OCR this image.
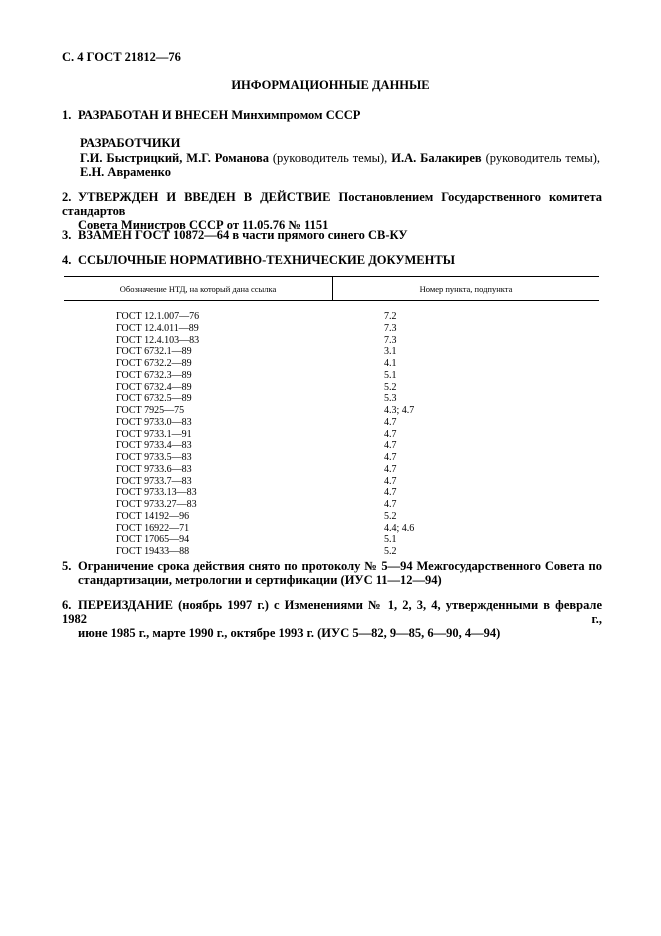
С. 4 ГОСТ 21812—76
ИНФОРМАЦИОННЫЕ ДАННЫЕ
1. РАЗРАБОТАН И ВНЕСЕН Минхимпромом СССР
РАЗРАБОТЧИКИ
Г.И. Быстрицкий, М.Г. Романова (руководитель темы), И.А. Балакирев (руководитель темы),
Е.Н. Авраменко
2. УТВЕРЖДЕН И ВВЕДЕН В ДЕЙСТВИЕ Постановлением Государственного комитета стандартов
Совета Министров СССР от 11.05.76 № 1151
3. ВЗАМЕН ГОСТ 10872—64 в части прямого синего СВ-КУ
4. ССЫЛОЧНЫЕ НОРМАТИВНО-ТЕХНИЧЕСКИЕ ДОКУМЕНТЫ
Обозначение НТД, на который дана ссылка	Номер пункта, подпункта
ГОСТ 12.1.007—76	7.2
ГОСТ 12.4.011—89	7.3
ГОСТ 12.4.103—83	7.3
ГОСТ 6732.1—89	3.1
ГОСТ 6732.2—89	4.1
ГОСТ 6732.3—89	5.1
ГОСТ 6732.4—89	5.2
ГОСТ 6732.5—89	5.3
ГОСТ 7925—75	4.3; 4.7
ГОСТ 9733.0—83	4.7
ГОСТ 9733.1—91	4.7
ГОСТ 9733.4—83	4.7
ГОСТ 9733.5—83	4.7
ГОСТ 9733.6—83	4.7
ГОСТ 9733.7—83	4.7
ГОСТ 9733.13—83	4.7
ГОСТ 9733.27—83	4.7
ГОСТ 14192—96	5.2
ГОСТ 16922—71	4.4; 4.6
ГОСТ 17065—94	5.1
ГОСТ 19433—88	5.2
5. Ограничение срока действия снято по протоколу № 5—94 Межгосударственного Совета по
стандартизации, метрологии и сертификации (ИУС 11—12—94)
6. ПЕРЕИЗДАНИЕ (ноябрь 1997 г.) с Изменениями № 1, 2, 3, 4, утвержденными в феврале 1982 г.,
июне 1985 г., марте 1990 г., октябре 1993 г. (ИУС 5—82, 9—85, 6—90, 4—94)
